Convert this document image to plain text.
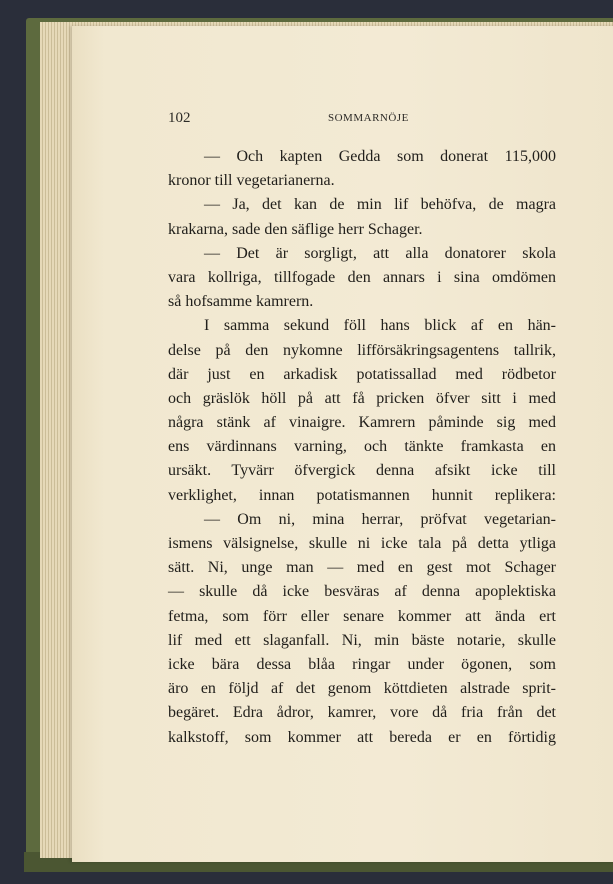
102	SOMMARNÖJE
— Och kapten Gedda som donerat 115,000
kronor till vegetarianerna.
— Ja, det kan de min lif behöfva, de magra
krakarna, sade den säflige herr Schager.
— Det är sorgligt, att alla donatorer skola
vara kollriga, tillfogade den annars i sina omdömen
så hofsamme kamrern.
I samma sekund föll hans blick af en hän-
delse på den nykomne lifförsäkringsagentens tallrik,
där just en arkadisk potatissallad med rödbetor
och gräslök höll på att få pricken öfver sitt i med
några stänk af vinaigre. Kamrern påminde sig med
ens värdinnans varning, och tänkte framkasta en
ursäkt. Tyvärr öfvergick denna afsikt icke till
verklighet, innan potatismannen hunnit replikera:
— Om ni, mina herrar, pröfvat vegetarian-
ismens välsignelse, skulle ni icke tala på detta ytliga
sätt. Ni, unge man — med en gest mot Schager
— skulle då icke besväras af denna apoplektiska
fetma, som förr eller senare kommer att ända ert
lif med ett slaganfall. Ni, min bäste notarie, skulle
icke bära dessa blåa ringar under ögonen, som
äro en följd af det genom köttdieten alstrade sprit-
begäret. Edra ådror, kamrer, vore då fria från det
kalkstoff, som kommer att bereda er en förtidig
